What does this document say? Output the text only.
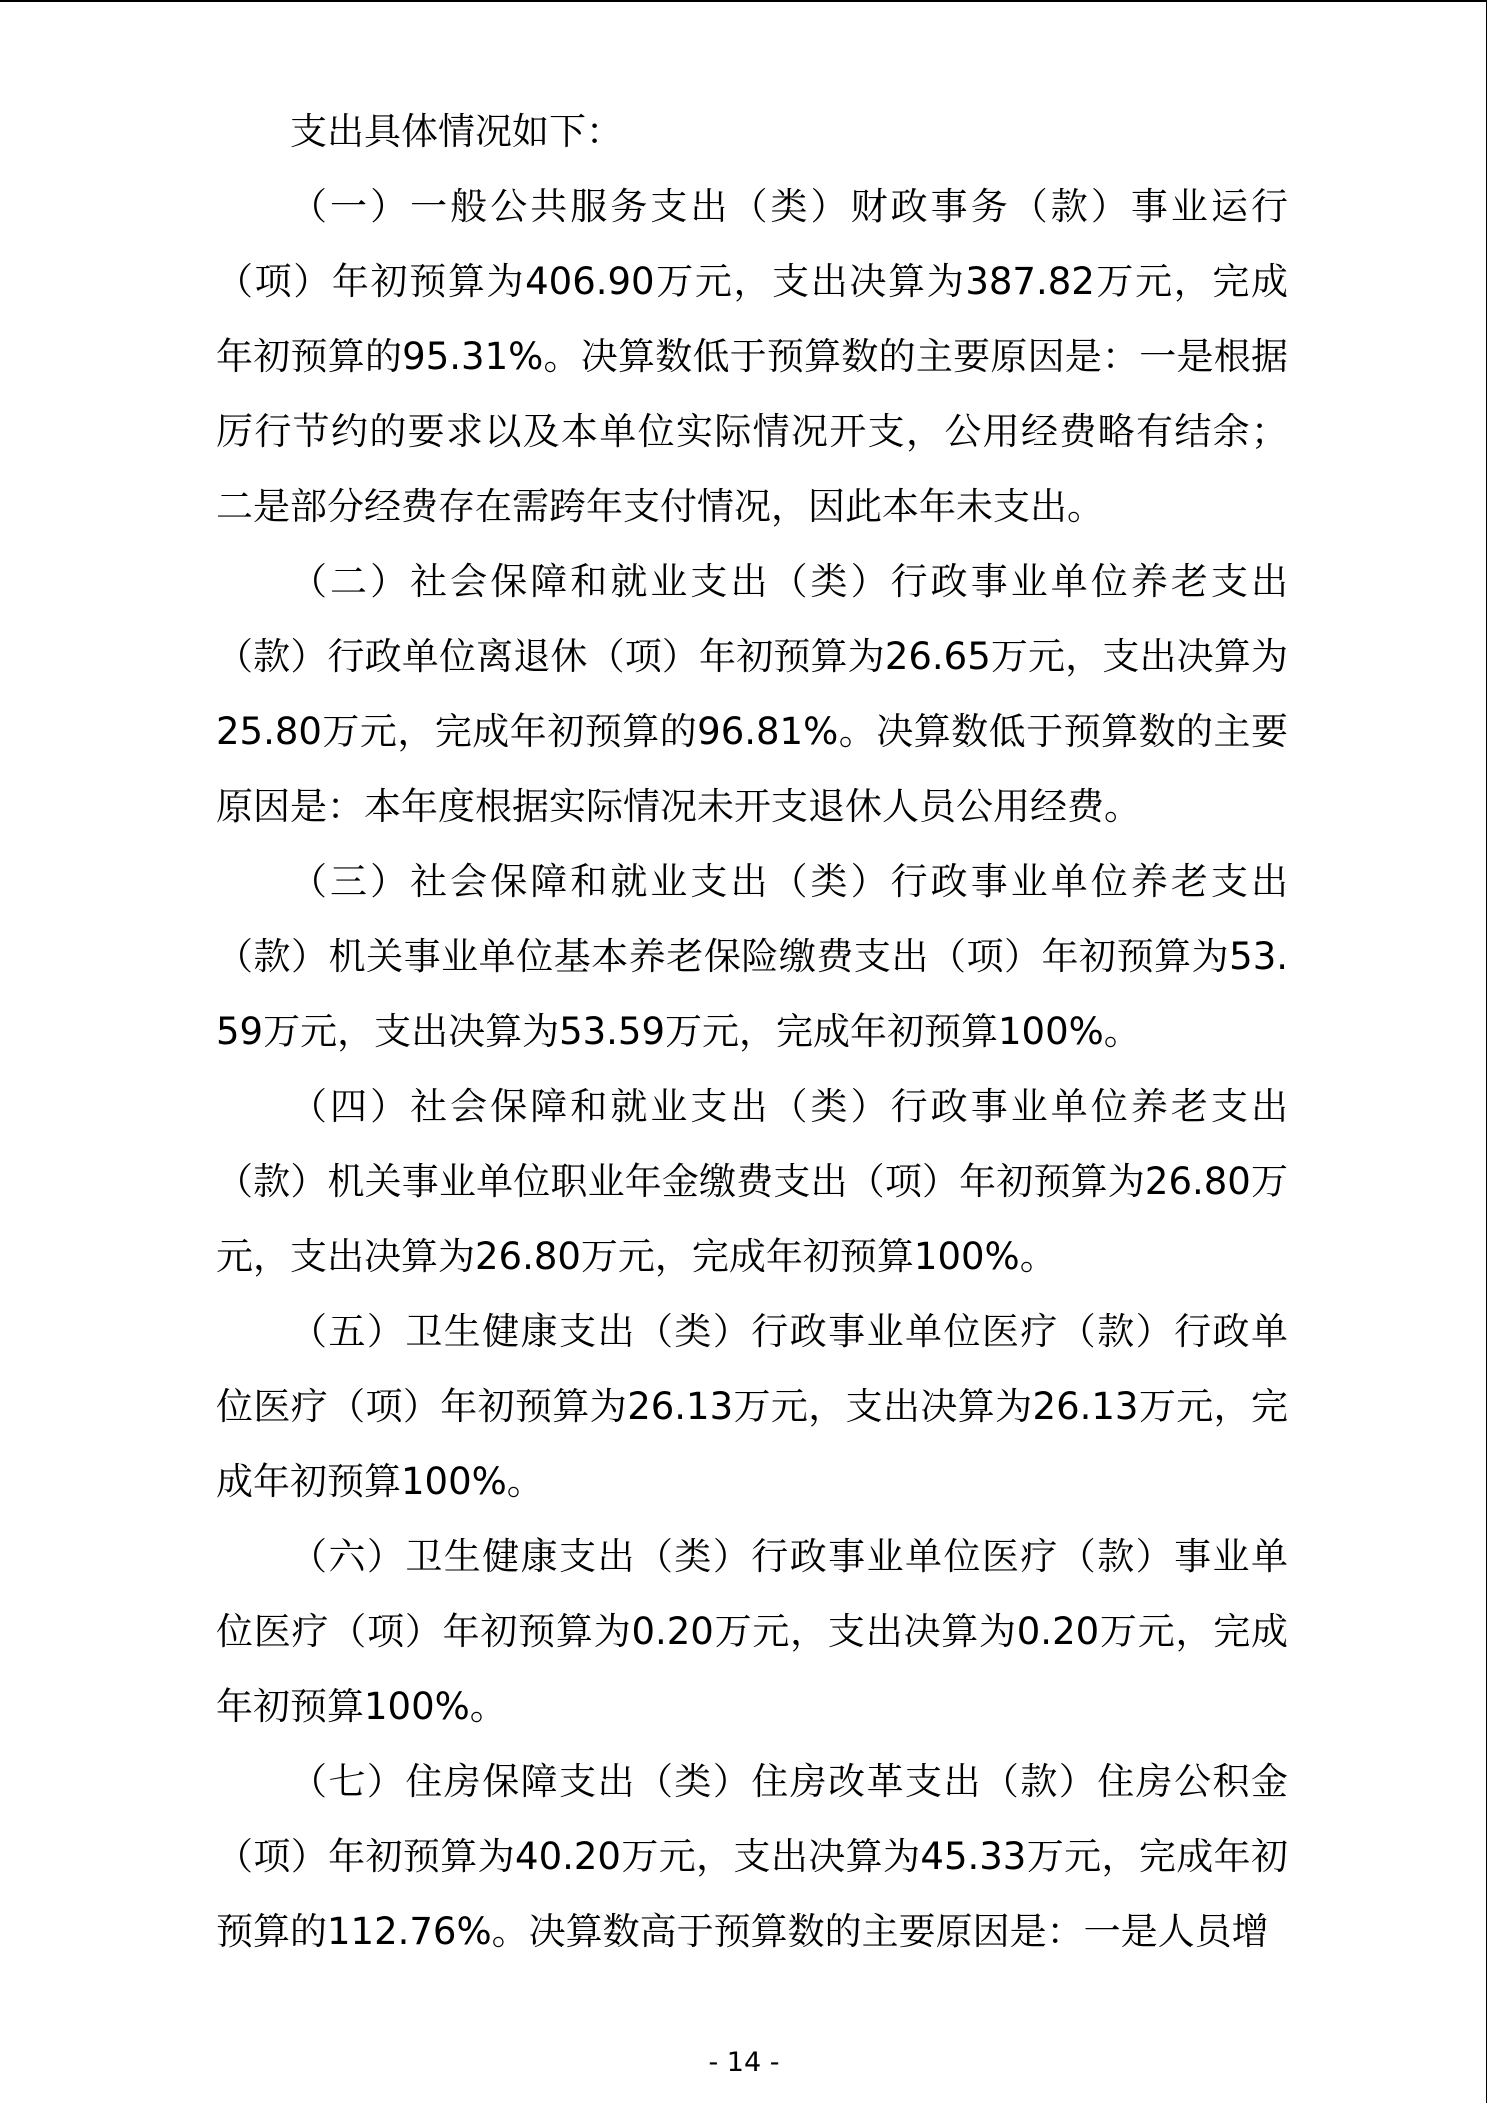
支出具体情况如下：

（一）一般公共服务支出（类）财政事务（款）事业运行（项）年初预算为406.90万元，支出决算为387.82万元，完成年初预算的95.31%。决算数低于预算数的主要原因是：一是根据厉行节约的要求以及本单位实际情况开支，公用经费略有结余；二是部分经费存在需跨年支付情况，因此本年未支出。

（二）社会保障和就业支出（类）行政事业单位养老支出（款）行政单位离退休（项）年初预算为26.65万元，支出决算为25.80万元，完成年初预算的96.81%。决算数低于预算数的主要原因是：本年度根据实际情况未开支退休人员公用经费。

（三）社会保障和就业支出（类）行政事业单位养老支出（款）机关事业单位基本养老保险缴费支出（项）年初预算为53.59万元，支出决算为53.59万元，完成年初预算100%。

（四）社会保障和就业支出（类）行政事业单位养老支出（款）机关事业单位职业年金缴费支出（项）年初预算为26.80万元，支出决算为26.80万元，完成年初预算100%。

（五）卫生健康支出（类）行政事业单位医疗（款）行政单位医疗（项）年初预算为26.13万元，支出决算为26.13万元，完成年初预算100%。

（六）卫生健康支出（类）行政事业单位医疗（款）事业单位医疗（项）年初预算为0.20万元，支出决算为0.20万元，完成年初预算100%。

（七）住房保障支出（类）住房改革支出（款）住房公积金（项）年初预算为40.20万元，支出决算为45.33万元，完成年初预算的112.76%。决算数高于预算数的主要原因是：一是人员增

- 14 -
